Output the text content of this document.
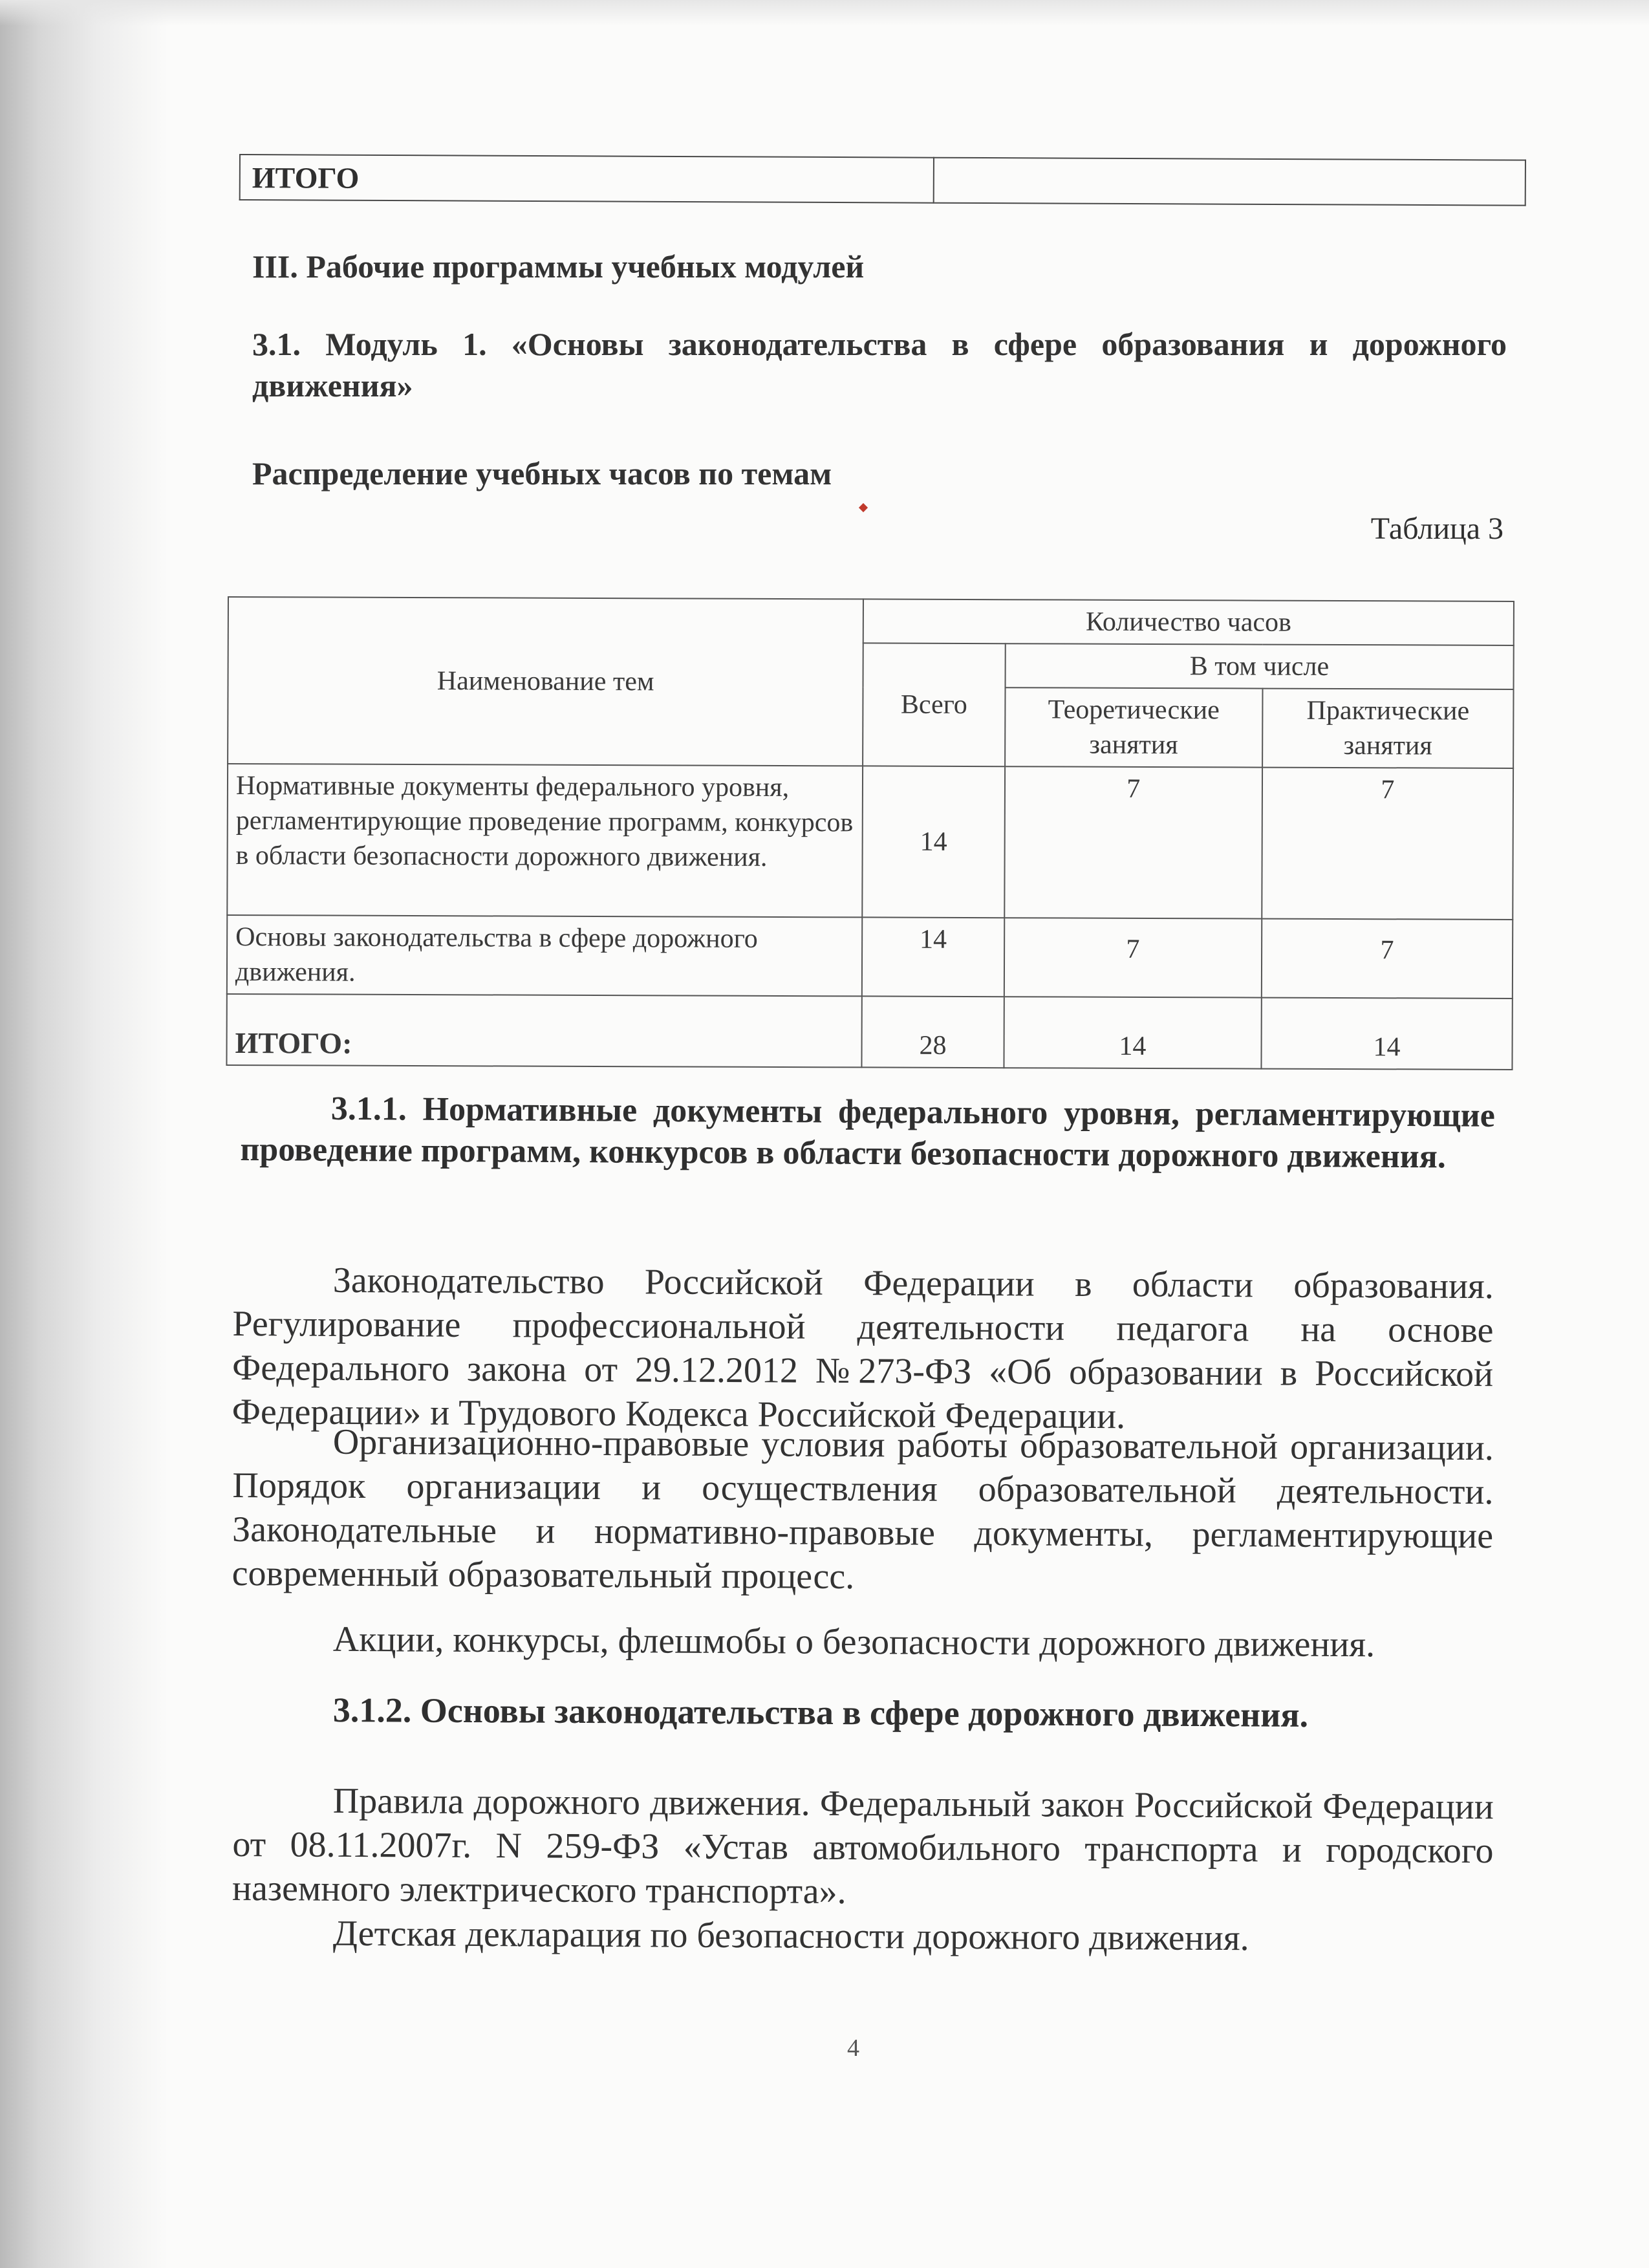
ИТОГО	
III. Рабочие программы учебных модулей
3.1. Модуль 1. «Основы законодательства в сфере образования и дорожного движения»
Распределение учебных часов по темам
Таблица 3
Наименование тем	Количество часов		
	Всего	В том числе	
		Теоретические занятия	Практические занятия
Нормативные документы федерального уровня, регламентирующие проведение программ, конкурсов в области безопасности дорожного движения.	14	7	7
Основы законодательства в сфере дорожного движения.	14	7	7
ИТОГО:	28	14	14
3.1.1. Нормативные документы федерального уровня, регламентирующие проведение программ, конкурсов в области безопасности дорожного движения.
Законодательство Российской Федерации в области образования. Регулирование профессиональной деятельности педагога на основе Федерального закона от 29.12.2012 №273-ФЗ «Об образовании в Российской Федерации» и Трудового Кодекса Российской Федерации.
Организационно-правовые условия работы образовательной организации. Порядок организации и осуществления образовательной деятельности. Законодательные и нормативно-правовые документы, регламентирующие современный образовательный процесс.
Акции, конкурсы, флешмобы о безопасности дорожного движения.
3.1.2. Основы законодательства в сфере дорожного движения.
Правила дорожного движения. Федеральный закон Российской Федерации от 08.11.2007г. N 259-ФЗ «Устав автомобильного транспорта и городского наземного электрического транспорта».
Детская декларация по безопасности дорожного движения.
4
